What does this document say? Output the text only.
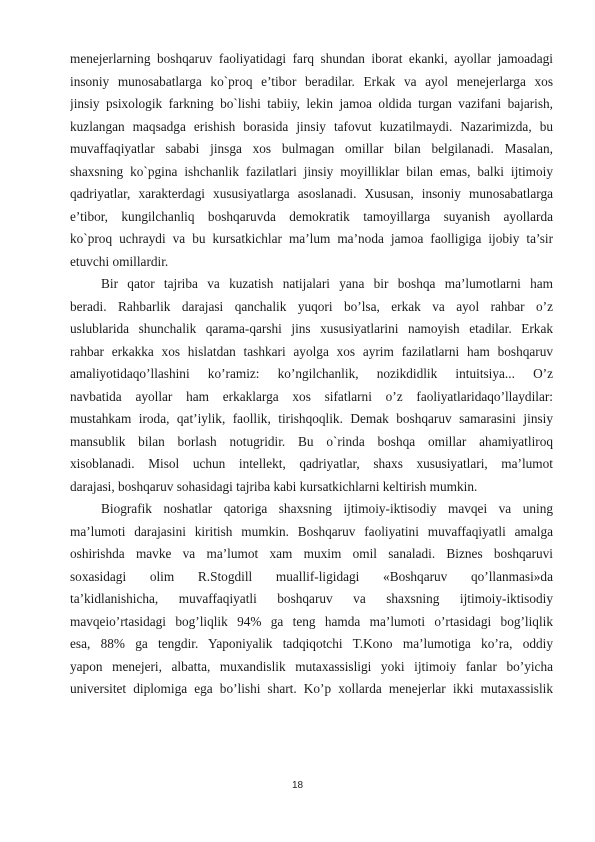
menejerlarning boshqaruv faoliyatidagi farq shundan iborat ekanki, ayollar jamoadagi
insoniy munosabatlarga ko`proq e’tibor beradilar. Erkak va ayol menejerlarga xos
jinsiy psixologik farkning bo`lishi tabiiy, lekin jamoa oldida turgan vazifani bajarish,
kuzlangan maqsadga erishish borasida jinsiy tafovut kuzatilmaydi. Nazarimizda, bu
muvaffaqiyatlar sababi jinsga xos bulmagan omillar bilan belgilanadi. Masalan,
shaxsning ko`pgina ishchanlik fazilatlari jinsiy moyilliklar bilan emas, balki ijtimoiy
qadriyatlar, xarakterdagi xususiyatlarga asoslanadi. Xususan, insoniy munosabatlarga
e’tibor, kungilchanliq boshqaruvda demokratik tamoyillarga suyanish ayollarda
ko`proq uchraydi va bu kursatkichlar ma’lum ma’noda jamoa faolligiga ijobiy ta’sir
etuvchi omillardir.
Bir qator tajriba va kuzatish natijalari yana bir boshqa ma’lumotlarni ham
beradi. Rahbarlik darajasi qanchalik yuqori bo’lsa, erkak va ayol rahbar o’z
uslublarida shunchalik qarama-qarshi jins xususiyatlarini namoyish etadilar. Erkak
rahbar erkakka xos hislatdan tashkari ayolga xos ayrim fazilatlarni ham boshqaruv
amaliyotidaqo’llashini ko’ramiz: ko’ngilchanlik, nozikdidlik intuitsiya... O’z
navbatida ayollar ham erkaklarga xos sifatlarni o’z faoliyatlaridaqo’llaydilar:
mustahkam iroda, qat’iylik, faollik, tirishqoqlik. Demak boshqaruv samarasini jinsiy
mansublik bilan borlash notugridir. Bu o`rinda boshqa omillar ahamiyatliroq
xisoblanadi. Misol uchun intellekt, qadriyatlar, shaxs xususiyatlari, ma’lumot
darajasi, boshqaruv sohasidagi tajriba kabi kursatkichlarni keltirish mumkin.
Biografik noshatlar qatoriga shaxsning ijtimoiy-iktisodiy mavqei va uning
ma’lumoti darajasini kiritish mumkin. Boshqaruv faoliyatini muvaffaqiyatli amalga
oshirishda mavke va ma’lumot xam muxim omil sanaladi. Biznes boshqaruvi
soxasidagi olim R.Stogdill muallif-ligidagi «Boshqaruv qo’llanmasi»da
ta’kidlanishicha, muvaffaqiyatli boshqaruv va shaxsning ijtimoiy-iktisodiy
mavqeio’rtasidagi bog’liqlik 94% ga teng hamda ma’lumoti o’rtasidagi bog’liqlik
esa, 88% ga tengdir. Yaponiyalik tadqiqotchi T.Kono ma’lumotiga ko’ra, oddiy
yapon menejeri, albatta, muxandislik mutaxassisligi yoki ijtimoiy fanlar bo’yicha
universitet diplomiga ega bo’lishi shart. Ko’p xollarda menejerlar ikki mutaxassislik
18
